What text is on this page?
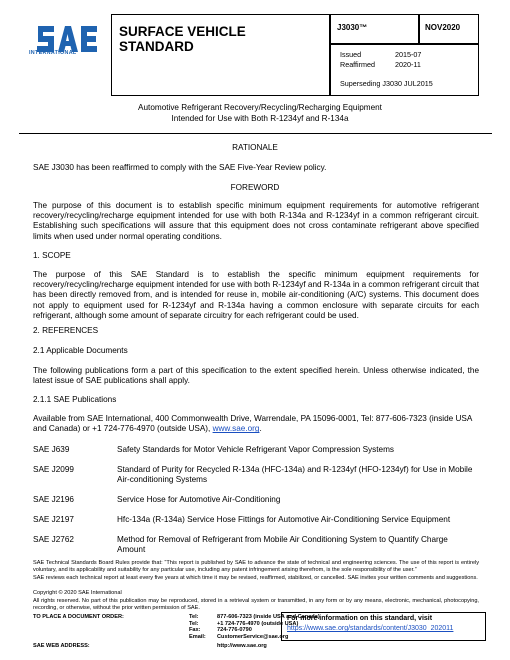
INTERNATIONAL
SURFACE VEHICLE
STANDARD
J3030™	NOV2020
Issued	2015-07
Reaffirmed	2020-11
Superseding J3030 JUL2015
Automotive Refrigerant Recovery/Recycling/Recharging Equipment
Intended for Use with Both R-1234yf and R-134a
RATIONALE
SAE J3030 has been reaffirmed to comply with the SAE Five-Year Review policy.
FOREWORD
The purpose of this document is to establish specific minimum equipment requirements for automotive refrigerant recovery/recycling/recharge equipment intended for use with both R-134a and R-1234yf in a common refrigerant circuit. Establishing such specifications will assure that this equipment does not cross contaminate refrigerant above specified limits when used under normal operating conditions.
1. SCOPE
The purpose of this SAE Standard is to establish the specific minimum equipment requirements for recovery/recycling/recharge equipment intended for use with both R-1234yf and R-134a in a common refrigerant circuit that has been directly removed from, and is intended for reuse in, mobile air-conditioning (A/C) systems. This document does not apply to equipment used for R-1234yf and R-134a having a common enclosure with separate circuits for each refrigerant, although some amount of separate circuitry for each refrigerant could be used.
2. REFERENCES
2.1 Applicable Documents
The following publications form a part of this specification to the extent specified herein. Unless otherwise indicated, the latest issue of SAE publications shall apply.
2.1.1 SAE Publications
Available from SAE International, 400 Commonwealth Drive, Warrendale, PA 15096-0001, Tel: 877-606-7323 (inside USA and Canada) or +1 724-776-4970 (outside USA), www.sae.org.
SAE J639	Safety Standards for Motor Vehicle Refrigerant Vapor Compression Systems
SAE J2099	Standard of Purity for Recycled R-134a (HFC-134a) and R-1234yf (HFO-1234yf) for Use in Mobile Air-conditioning Systems
SAE J2196	Service Hose for Automotive Air-Conditioning
SAE J2197	Hfc-134a (R-134a) Service Hose Fittings for Automotive Air-Conditioning Service Equipment
SAE J2762	Method for Removal of Refrigerant from Mobile Air Conditioning System to Quantify Charge Amount
SAE Technical Standards Board Rules provide that: “This report is published by SAE to advance the state of technical and engineering sciences. The use of this report is entirely voluntary, and its applicability and suitability for any particular use, including any patent infringement arising therefrom, is the sole responsibility of the user.”
SAE reviews each technical report at least every five years at which time it may be revised, reaffirmed, stabilized, or cancelled. SAE invites your written comments and suggestions.
Copyright © 2020 SAE International
All rights reserved. No part of this publication may be reproduced, stored in a retrieval system or transmitted, in any form or by any means, electronic, mechanical, photocopying, recording, or otherwise, without the prior written permission of SAE.
TO PLACE A DOCUMENT ORDER:	Tel:	877-606-7323 (inside USA and Canada)
Tel:	+1 724-776-4970 (outside USA)
Fax:	724-776-0790
Email: CustomerService@sae.org
SAE WEB ADDRESS:	http://www.sae.org
For more information on this standard, visit
https://www.sae.org/standards/content/J3030_202011
